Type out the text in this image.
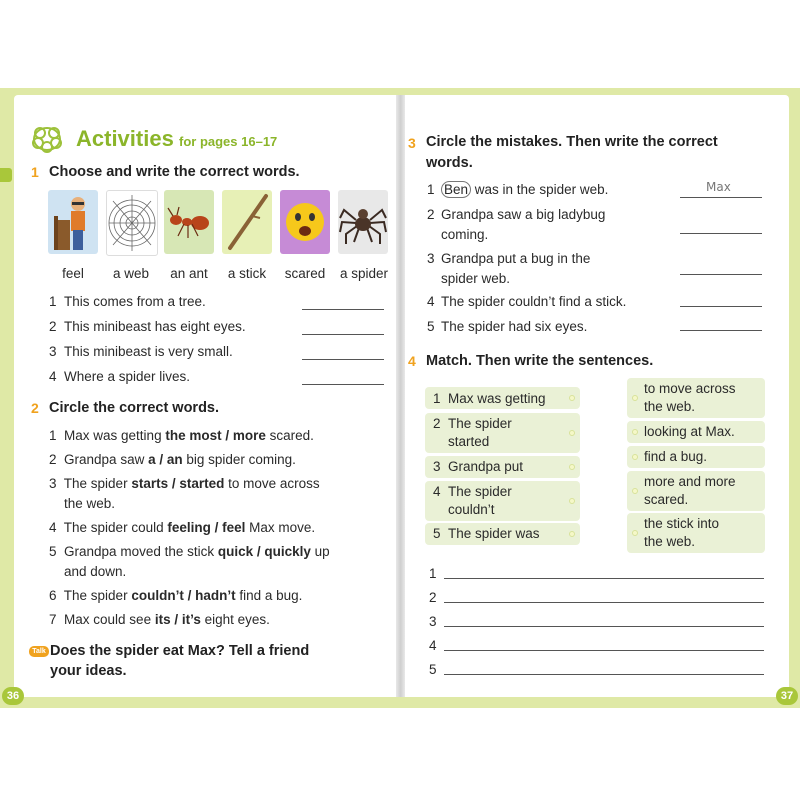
Activities for pages 16–17
1 Choose and write the correct words.
feel	a web	an ant	a stick	scared	a spider
1 This comes from a tree.
2 This minibeast has eight eyes.
3 This minibeast is very small.
4 Where a spider lives.
2 Circle the correct words.
1 Max was getting the most / more scared.
2 Grandpa saw a / an big spider coming.
3 The spider starts / started to move across
the web.
4 The spider could feeling / feel Max move.
5 Grandpa moved the stick quick / quickly up
and down.
6 The spider couldn’t / hadn’t find a bug.
7 Max could see its / it’s eight eyes.
Talk Does the spider eat Max? Tell a friend
your ideas.
36
3 Circle the mistakes. Then write the correct
words.
1 Ben was in the spider web.	Max
2 Grandpa saw a big ladybug
coming.
3 Grandpa put a bug in the
spider web.
4 The spider couldn’t find a stick.
5 The spider had six eyes.
4 Match. Then write the sentences.
1 Max was getting
2 The spider
started
3 Grandpa put
4 The spider
couldn’t
5 The spider was
to move across
the web.
looking at Max.
find a bug.
more and more
scared.
the stick into
the web.
1
2
3
4
5
37
